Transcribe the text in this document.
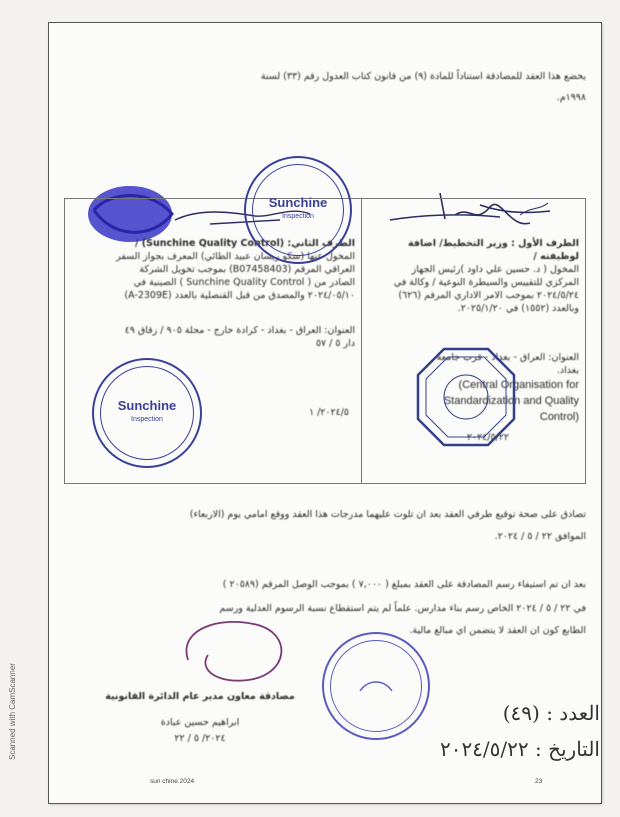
يخضع هذا العقد للمصادقة استناداً للمادة (٩) من قانون كتاب العدول رقم (٣٣) لسنة
١٩٩٨م.
الطرف الأول : وزير التخطيط/ اضافة لوظيفته /
المخول ( د. حسين علي داود )رئيس الجهاز
المركزي للتقييس والسيطرة النوعية / وكالة في
٢٠٢٤/٥/٢٤ بموجب الامر الاداري المرقم (٦٢٦)
وبالعدد (١٥٥٢) في ٢٠٢٥/١/٢٠.
العنوان: العراق - بغداد - قرب جامعة
بغداد.
(Central Organisation for
Standardization and Quality
Control)
٢٠٢٤/٥/٢٢
الطرف الثاني: (Sunchine Quality Control) /
المخول عنها (سكو ريسان عبيد الطائي) المعرف بجواز السفر
العراقي المرقم (B07458403) بموجب تخويل الشركة
الصادر من ( Sunchine Quality Control ) الصينية في
٢٠٢٤/٠٥/١٠ والمصدق من قبل القنصلية بالعدد (A-2309E)
العنوان: العراق - بغداد - كرادة خارج - محلة ٩٠٥ / زقاق ٤٩
دار ٥ / ٥٧
٢٠٢٤/٥/ ١
Sunchine
Inspection
Sunchine
Inspection
تصادق على صحة توقيع طرفي العقد بعد ان تلوت عليهما مدرجات هذا العقد ووقع امامي يوم (الاربعاء)
الموافق ٢٢ / ٥ / ٢٠٢٤.
بعد ان تم استيفاء رسم المصادقة على العقد بمبلغ ( ٧,٠٠٠ ) بموجب الوصل المرقم (٢٠٥٨٩ )
في ٢٢ / ٥ / ٢٠٢٤ الخاص رسم بناء مدارس. علماً لم يتم استقطاع نسبة الرسوم العدلية ورسم
الطابع كون ان العقد لا يتضمن اي مبالغ مالية.
مصادقة معاون مدير عام الدائرة القانونية
ابراهيم حسين عبادة
٢٠٢٤/ ٥ / ٢٢
العدد : (٤٩)
التاريخ : ٢٠٢٤/٥/٢٢
sun chine 2024	23
Scanned with CamScanner
